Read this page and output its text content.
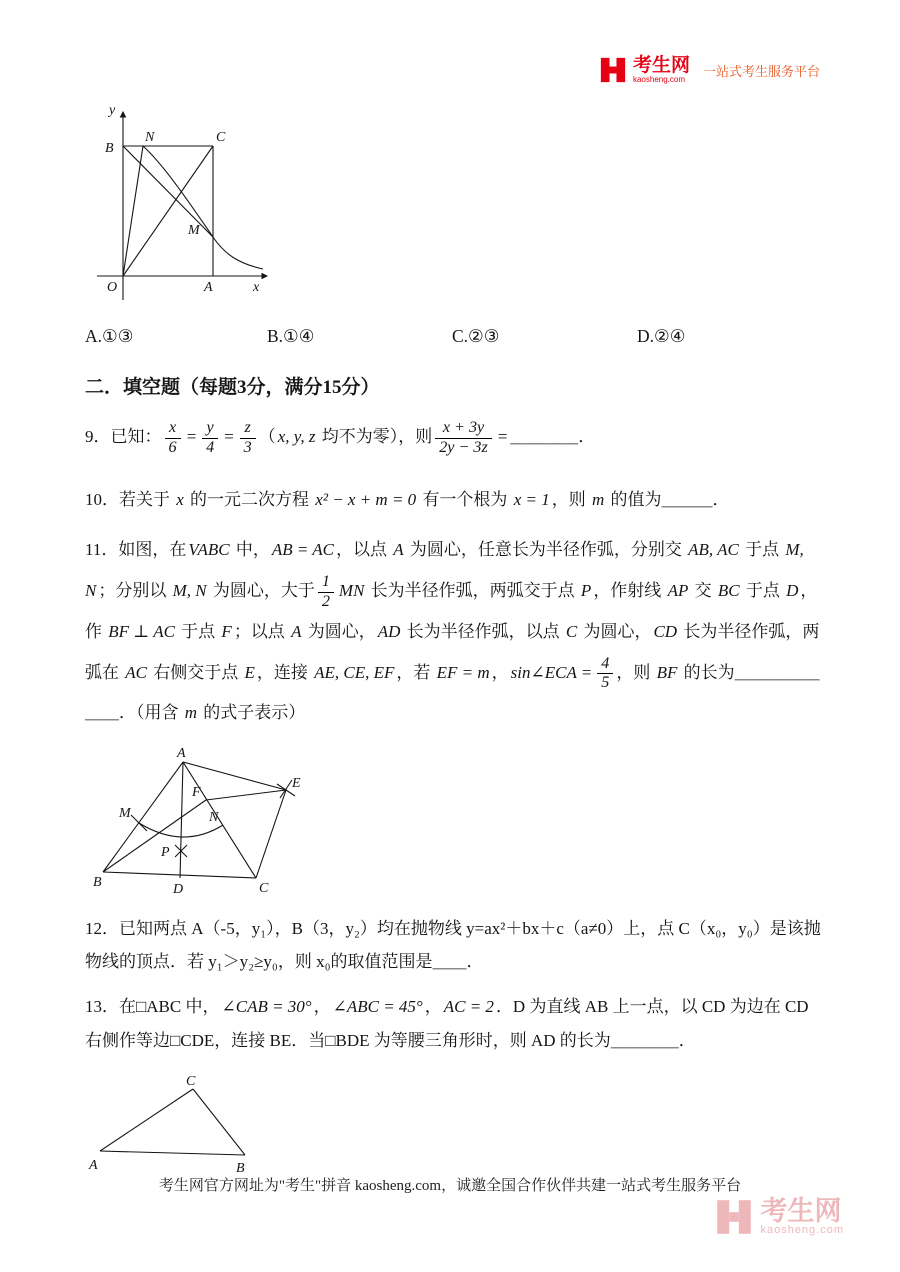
考生网
kaosheng.com
一站式考生服务平台
y
x
O
B
N	C
M
A
A.①③	B.①④	C.②③	D.②④
二．填空题（每题3分，满分15分）

9．已知： $\frac{x}{6} = \frac{y}{4} = \frac{z}{3}$ （ x, y, z 均不为零），则 $\frac{x + 3y}{2y - 3z}$ = ＿＿＿＿．

10．若关于 x 的一元二次方程 x² − x + m = 0 有一个根为 x = 1 ，则 m 的值为＿＿＿．

11．如图，在 VABC 中， AB = AC ，以点 A 为圆心，任意长为半径作弧，分别交 AB, AC 于点 M, N ；分别以 M, N 为圆心，大于 $\frac{1}{2}$ MN 长为半径作弧，两弧交于点 P ，作射线 AP 交 BC 于点 D ，作 BF ⊥ AC 于点 F ；以点 A 为圆心， AD 长为半径作弧，以点 C 为圆心， CD 长为半径作弧，两弧在 AC 右侧交于点 E ，连接 AE, CE, EF ，若 EF = m ， sin∠ECA = $\frac{4}{5}$ ，则 BF 的长为＿＿＿＿＿＿＿．（用含 m 的式子表示）

A
B	C
D
E
F
M	N
P

12．已知两点 A（-5，y₁），B（3，y₂）均在抛物线 y=ax²＋bx＋c（a≠0）上，点 C（x₀，y₀）是该抛物线的顶点．若 y₁＞y₂≥y₀，则 x₀的取值范围是＿＿．

13．在□ABC 中， ∠CAB = 30° ， ∠ABC = 45° ， AC = 2 ．D 为直线 AB 上一点，以 CD 为边在 CD 右侧作等边□CDE，连接 BE．当□BDE 为等腰三角形时，则 AD 的长为＿＿＿＿．

C
A	B
考生网官方网址为"考生"拼音 kaosheng.com，诚邀全国合作伙伴共建一站式考生服务平台
考生网
kaosheng.com
